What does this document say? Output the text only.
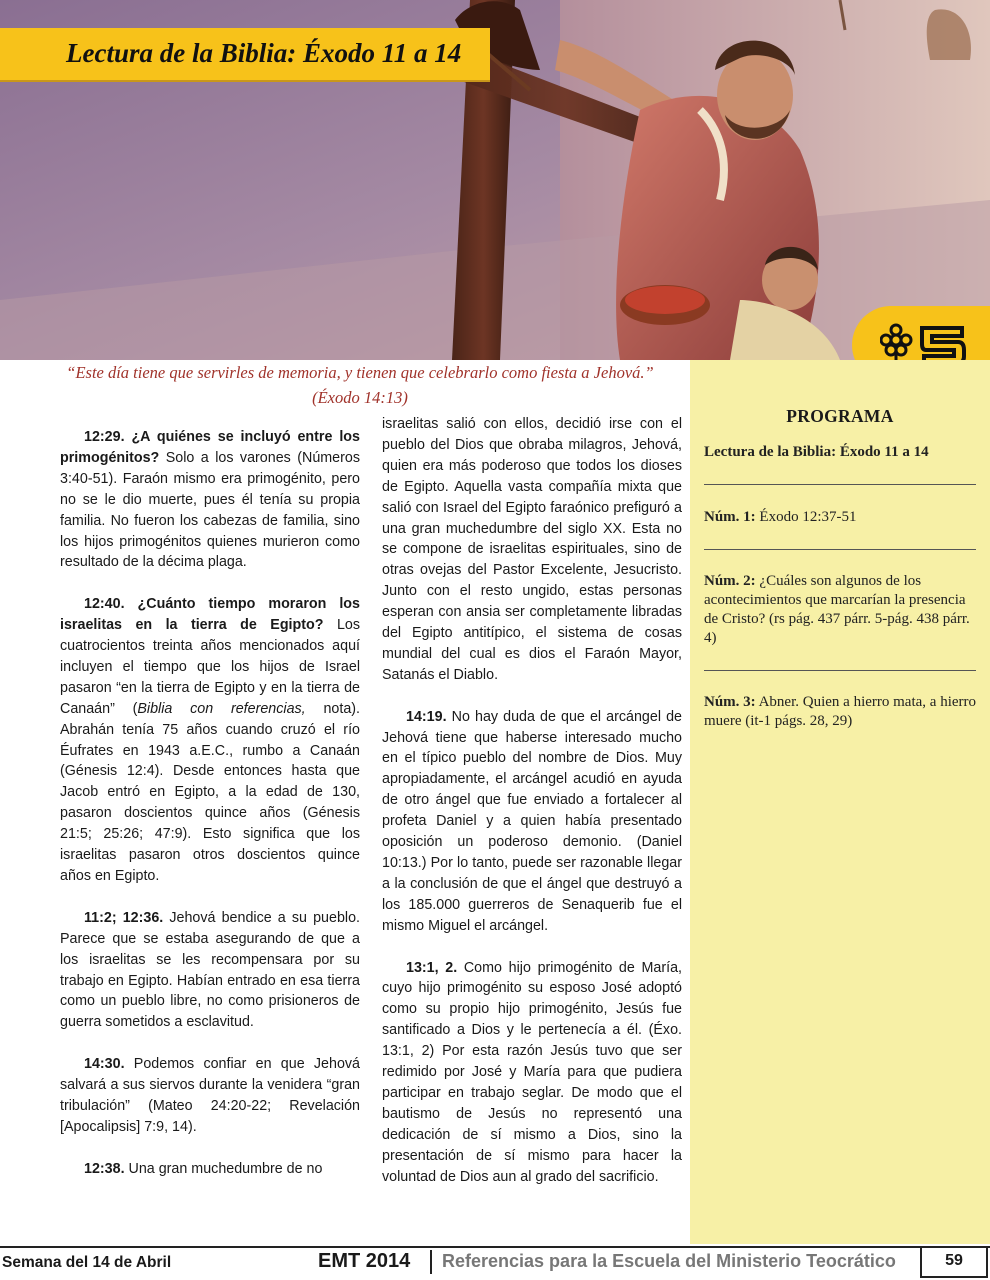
Lectura de la Biblia: Éxodo 11 a 14
“Este día tiene que servirles de memoria, y tienen que celebrarlo como fiesta a Jehová.”
(Éxodo 14:13)

12:29. ¿A quiénes se incluyó entre los primogénitos? Solo a los varones (Números 3:40-51). Faraón mismo era primogénito, pero no se le dio muerte, pues él tenía su propia familia. No fueron los cabezas de familia, sino los hijos primogénitos quienes murieron como resultado de la décima plaga.

12:40. ¿Cuánto tiempo moraron los israelitas en la tierra de Egipto? Los cuatrocientos treinta años mencionados aquí incluyen el tiempo que los hijos de Israel pasaron “en la tierra de Egipto y en la tierra de Canaán” (Biblia con referencias, nota). Abrahán tenía 75 años cuando cruzó el río Éufrates en 1943 a.E.C., rumbo a Canaán (Génesis 12:4). Desde entonces hasta que Jacob entró en Egipto, a la edad de 130, pasaron doscientos quince años (Génesis 21:5; 25:26; 47:9). Esto significa que los israelitas pasaron otros doscientos quince años en Egipto.

11:2; 12:36. Jehová bendice a su pueblo. Parece que se estaba asegurando de que a los israelitas se les recompensara por su trabajo en Egipto. Habían entrado en esa tierra como un pueblo libre, no como prisioneros de guerra sometidos a esclavitud.

14:30. Podemos confiar en que Jehová salvará a sus siervos durante la venidera “gran tribulación” (Mateo 24:20-22; Revelación [Apocalipsis] 7:9, 14).

12:38. Una gran muchedumbre de no

israelitas salió con ellos, decidió irse con el pueblo del Dios que obraba milagros, Jehová, quien era más poderoso que todos los dioses de Egipto. Aquella vasta compañía mixta que salió con Israel del Egipto faraónico prefiguró a una gran muchedumbre del siglo XX. Esta no se compone de israelitas espirituales, sino de otras ovejas del Pastor Excelente, Jesucristo. Junto con el resto ungido, estas personas esperan con ansia ser completamente libradas del Egipto antitípico, el sistema de cosas mundial del cual es dios el Faraón Mayor, Satanás el Diablo.

14:19. No hay duda de que el arcángel de Jehová tiene que haberse interesado mucho en el típico pueblo del nombre de Dios. Muy apropiadamente, el arcángel acudió en ayuda de otro ángel que fue enviado a fortalecer al profeta Daniel y a quien había presentado oposición un poderoso demonio. (Daniel 10:13.) Por lo tanto, puede ser razonable llegar a la conclusión de que el ángel que destruyó a los 185.000 guerreros de Senaquerib fue el mismo Miguel el arcángel.

13:1, 2. Como hijo primogénito de María, cuyo hijo primogénito su esposo José adoptó como su propio hijo primogénito, Jesús fue santificado a Dios y le pertenecía a él. (Éxo. 13:1, 2) Por esta razón Jesús tuvo que ser redimido por José y María para que pudiera participar en trabajo seglar. De modo que el bautismo de Jesús no representó una dedicación de sí mismo a Dios, sino la presentación de sí mismo para hacer la voluntad de Dios aun al grado del sacrificio.

PROGRAMA
Lectura de la Biblia: Éxodo 11 a 14
Núm. 1: Éxodo 12:37-51
Núm. 2: ¿Cuáles son algunos de los acontecimientos que marcarían la presencia de Cristo? (rs pág. 437 párr. 5-pág. 438 párr. 4)
Núm. 3: Abner. Quien a hierro mata, a hierro muere (it-1 págs. 28, 29)
Semana del 14 de Abril	EMT 2014 Referencias para la Escuela del Ministerio Teocrático	59
